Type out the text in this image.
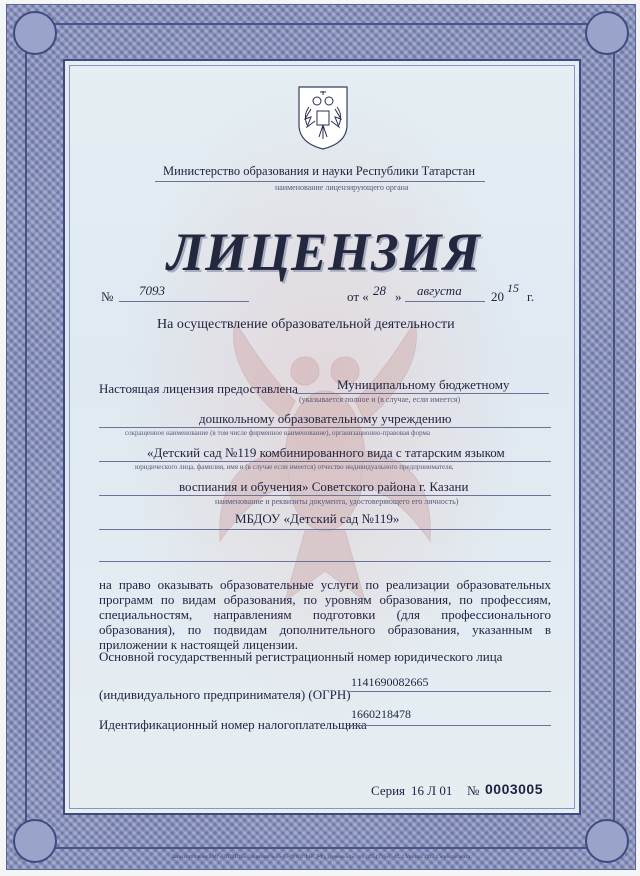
Министерство образования и науки Республики Татарстан
наименование лицензирующего органа
ЛИЦЕНЗИЯ
№ 7093	от « 28 » августа 20
15
г.
На осуществление образовательной деятельности
Настоящая лицензия предоставлена	Муниципальному бюджетному
(указывается полное и (в случае, если имеется)
дошкольному образовательному учреждению
сокращенное наименование (в том числе фирменное наименование), организационно-правовая форма
«Детский сад №119 комбинированного вида с татарским языком
юридического лица, фамилия, имя и (в случае если имеется) отчество индивидуального предпринимателя,
воспиания и обучения» Советского района г. Казани
наименование и реквизиты документа, удостоверяющего его личность)
МБДОУ «Детский сад №119»
на право оказывать образовательные услуги по реализации образовательных программ по видам образования, по уровням образования, по профессиям, специальностям, направлениям подготовки (для профессионального образования), по подвидам дополнительного образования, указанным в приложении к настоящей лицензии.
Основной государственный регистрационный номер юридического лица
(индивидуального предпринимателя) (ОГРН)
1141690082665
Идентификационный номер налогоплательщика
1660218478
Серия 16 Л 01 № 0003005
Заказ изготовлен ЗАО «ОПЦИОН» (лицензия № 05-05-09/003 ФНС РФ), уровень «А», тел. (495) 726-47-42, г. Москва, 2013 г. www.opcion.ru
